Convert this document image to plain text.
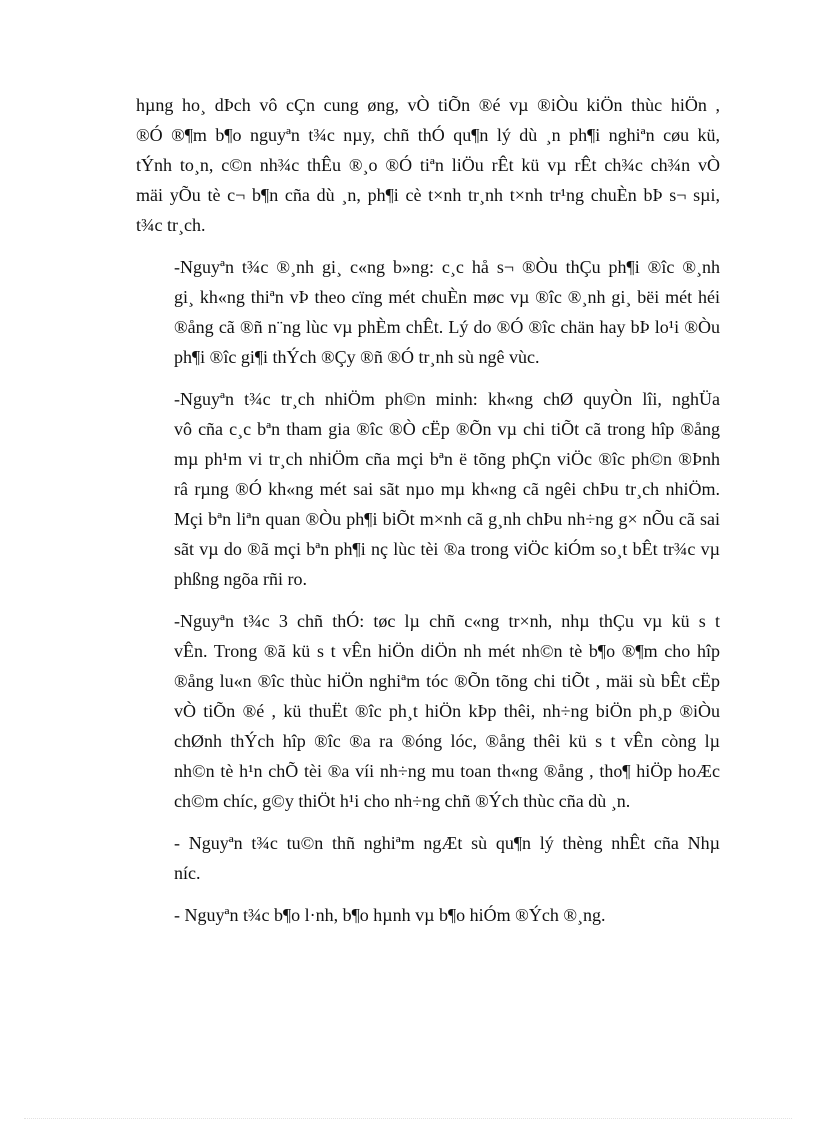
hµng ho¸ dÞch vô cÇn cung øng, vÒ tiÕn ®é vµ ®iÒu kiÖn thùc hiÖn ,
®Ó ®¶m b¶o nguyªn t¾c nµy, chñ thÓ qu¶n lý dù ¸n ph¶i nghiªn cøu kü,
tÝnh to¸n, c©n nh¾c thÊu ®¸o ®Ó tiªn liÖu rÊt kü vµ rÊt ch¾c ch¾n vÒ
mäi yÕu tè c¬ b¶n cña dù ¸n, ph¶i cè t×nh tr¸nh t×nh tr¹ng chuÈn bÞ s¬ sµi,
t¾c tr¸ch.

-Nguyªn t¾c ®¸nh gi¸ c«ng b»ng: c¸c hå s¬ ®Òu thÇu ph¶i ®îc ®¸nh
gi¸ kh«ng thiªn vÞ theo cïng mét chuÈn møc vµ ®îc ®¸nh gi¸ bëi mét héi
®ång cã ®ñ n¨ng lùc vµ phÈm chÊt. Lý do ®Ó ®îc chän hay bÞ lo¹i ®Òu
ph¶i ®îc gi¶i thÝch ®Çy ®ñ ®Ó tr¸nh sù ngê vùc.

-Nguyªn t¾c tr¸ch nhiÖm ph©n minh: kh«ng chØ quyÒn lîi, nghÜa
vô cña c¸c bªn tham gia ®îc ®Ò cËp ®Õn vµ chi tiÕt cã trong hîp ®ång
mµ ph¹m vi tr¸ch nhiÖm cña mçi bªn ë tõng phÇn viÖc ®îc ph©n ®Þnh
râ rµng ®Ó kh«ng mét sai sãt nµo mµ kh«ng cã ngêi chÞu tr¸ch nhiÖm.
Mçi bªn liªn quan ®Òu ph¶i biÕt m×nh cã g¸nh chÞu nh÷ng g× nÕu cã sai
sãt vµ do ®ã mçi bªn ph¶i nç lùc tèi ®a trong viÖc kiÓm so¸t bÊt tr¾c vµ
phßng ngõa rñi ro.

-Nguyªn t¾c 3 chñ thÓ: tøc lµ chñ c«ng tr×nh, nhµ thÇu vµ kü s t
vÊn. Trong ®ã kü s t vÊn hiÖn diÖn nh mét nh©n tè b¶o ®¶m cho hîp
®ång lu«n ®îc thùc hiÖn nghiªm tóc ®Õn tõng chi tiÕt , mäi sù bÊt cËp
vÒ tiÕn ®é , kü thuËt ®îc ph¸t hiÖn kÞp thêi, nh÷ng biÖn ph¸p ®iÒu
chØnh thÝch hîp ®îc ®a ra ®óng lóc, ®ång thêi kü s t vÊn còng lµ
nh©n tè h¹n chÕ tèi ®a víi nh÷ng mu toan th«ng ®ång , tho¶ hiÖp hoÆc
ch©m chíc, g©y thiÖt h¹i cho nh÷ng chñ ®Ých thùc cña dù ¸n.

- Nguyªn t¾c tu©n thñ nghiªm ngÆt sù qu¶n lý thèng nhÊt cña Nhµ
níc.

- Nguyªn t¾c b¶o l·nh, b¶o hµnh vµ b¶o hiÓm ®Ých ®¸ng.
